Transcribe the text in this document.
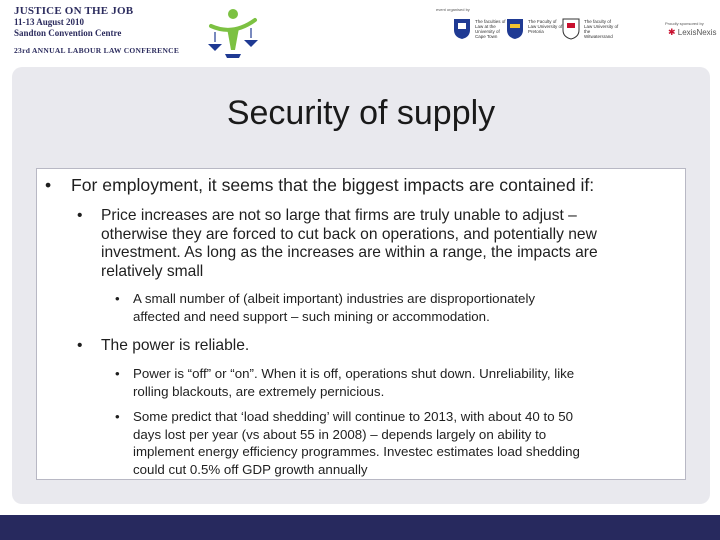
JUSTICE ON THE JOB
11-13 August 2010
Sandton Convention Centre
23rd ANNUAL LABOUR LAW CONFERENCE
event organised by
The faculties of Law at the University of Cape Town
The Faculty of Law University of Pretoria
The faculty of Law University of the Witwatersrand
Proudly sponsored by
✱ LexisNexis
Security of supply
• For employment, it seems that the biggest impacts are contained if:
• Price increases are not so large that firms are truly unable to adjust –
otherwise they are forced to cut back on operations, and potentially new
investment. As long as the increases are within a range, the impacts are
relatively small
• A small number of (albeit important) industries are disproportionately
affected and need support – such mining or accommodation.
• The power is reliable.
• Power is “off” or “on”. When it is off, operations shut down. Unreliability, like
rolling blackouts, are extremely pernicious.
• Some predict that ‘load shedding’ will continue to 2013, with about 40 to 50
days lost per year (vs about 55 in 2008) – depends largely on ability to
implement energy efficiency programmes. Investec estimates load shedding
could cut 0.5% off GDP growth annually
